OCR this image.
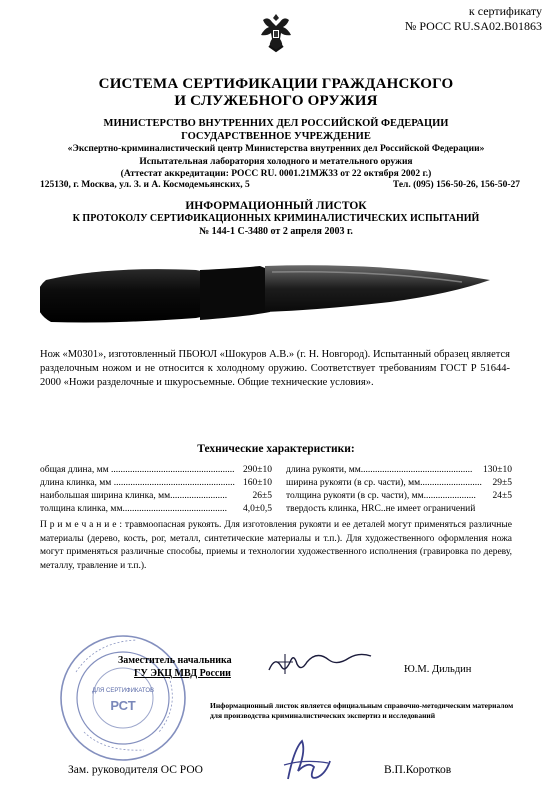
к сертификату
№ РОСС RU.SA02.B01863
СИСТЕМА СЕРТИФИКАЦИИ ГРАЖДАНСКОГО
И СЛУЖЕБНОГО ОРУЖИЯ
МИНИСТЕРСТВО ВНУТРЕННИХ ДЕЛ РОССИЙСКОЙ ФЕДЕРАЦИИ
ГОСУДАРСТВЕННОЕ УЧРЕЖДЕНИЕ
«Экспертно-криминалистический центр Министерства внутренних дел Российской Федерации»
Испытательная лаборатория холодного и метательного оружия
(Аттестат аккредитации: РОСС RU. 0001.21МЖ33 от 22 октября 2002 г.)
125130, г. Москва, ул. З. и А. Космодемьянских, 5	Тел. (095) 156-50-26, 156-50-27
ИНФОРМАЦИОННЫЙ ЛИСТОК
К ПРОТОКОЛУ СЕРТИФИКАЦИОННЫХ КРИМИНАЛИСТИЧЕСКИХ ИСПЫТАНИЙ
№ 144-1 С-3480 от 2 апреля 2003 г.
Нож «М0301», изготовленный ПБОЮЛ «Шокуров А.В.» (г. Н. Новгород). Испытанный образец является разделочным ножом и не относится к холодному оружию. Соответствует требованиям ГОСТ Р 51644-2000 «Ножи разделочные и шкуросъемные. Общие технические условия».
Технические характеристики:
общая длина, мм .................................................... 290±10
длина клинка, мм ................................................... 160±10
наибольшая ширина клинка, мм........................	26±5
толщина клинка, мм............................................ 4,0±0,5
длина рукояти, мм............................................... 130±10
ширина рукояти (в ср. части), мм.......................... 29±5
толщина рукояти (в ср. части), мм...................... 24±5
твердость клинка, HRC..не имеет ограничений
П р и м е ч а н и е : травмоопасная рукоять. Для изготовления рукояти и ее деталей могут применяться различные материалы (дерево, кость, рог, металл, синтетические материалы и т.п.). Для художественного оформления ножа могут применяться различные способы, приемы и технологии художественного исполнения (гравировка по дереву, металлу, травление и т.п.).
ДЛЯ СЕРТИФИКАТОВ
РСТ
Заместитель начальника
ГУ ЭКЦ МВД России	Ю.М. Дильдин
Информационный листок является официальным справочно-методическим материалом
для производства криминалистических экспертиз и исследований
Зам. руководителя ОС РОО	В.П.Коротков
